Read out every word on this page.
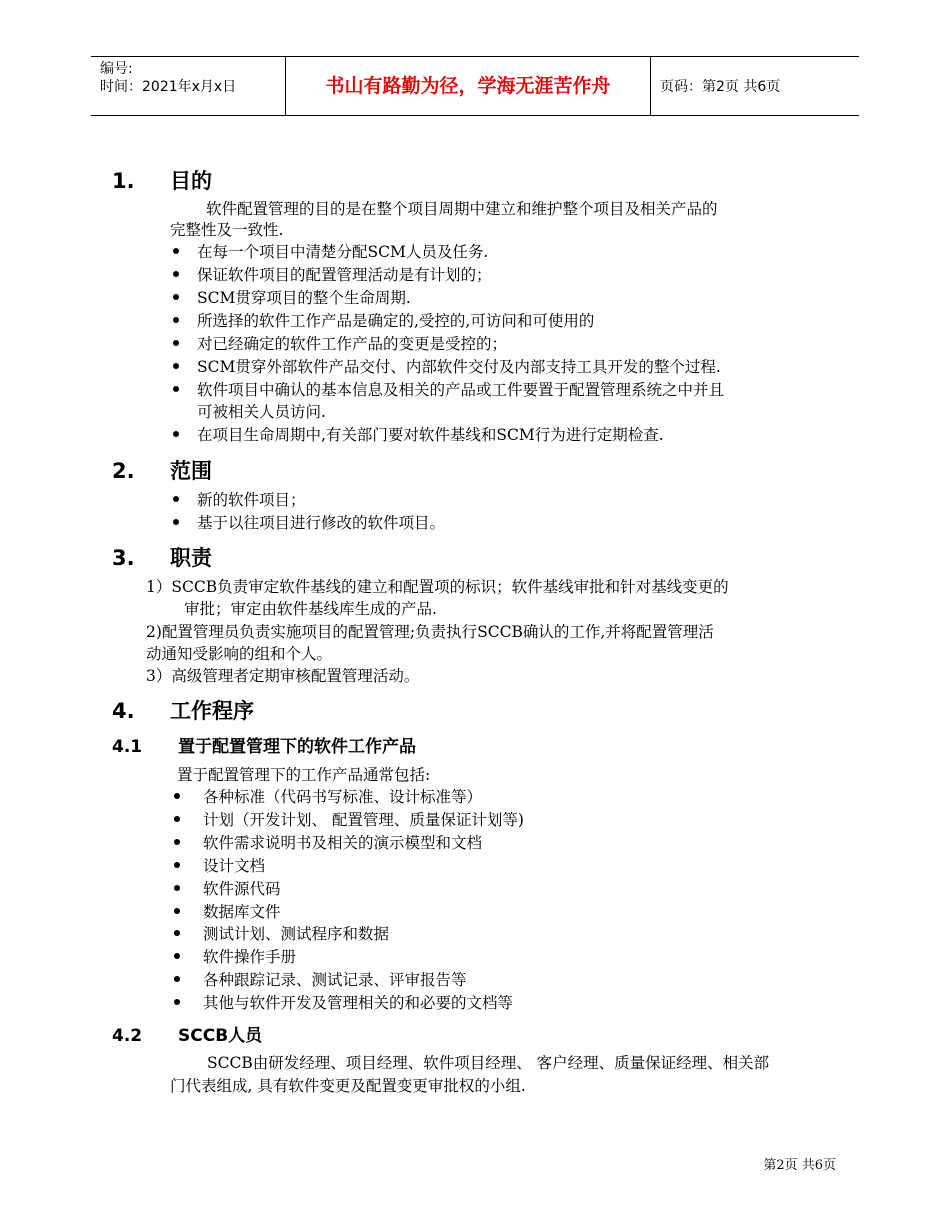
编号:
时间：2021年x月x日	书山有路勤为径，学海无涯苦作舟	页码：第2页 共6页
1. 目的
软件配置管理的目的是在整个项目周期中建立和维护整个项目及相关产品的
完整性及一致性.
在每一个项目中清楚分配SCM人员及任务.
保证软件项目的配置管理活动是有计划的；
SCM贯穿项目的整个生命周期.
所选择的软件工作产品是确定的,受控的,可访问和可使用的
对已经确定的软件工作产品的变更是受控的；
SCM贯穿外部软件产品交付、内部软件交付及内部支持工具开发的整个过程.
软件项目中确认的基本信息及相关的产品或工件要置于配置管理系统之中并且
可被相关人员访问.
在项目生命周期中,有关部门要对软件基线和SCM行为进行定期检查.
2. 范围
新的软件项目；
基于以往项目进行修改的软件项目。
3. 职责
1）SCCB负责审定软件基线的建立和配置项的标识；软件基线审批和针对基线变更的
审批；审定由软件基线库生成的产品.
2)配置管理员负责实施项目的配置管理;负责执行SCCB确认的工作,并将配置管理活
动通知受影响的组和个人。
3）高级管理者定期审核配置管理活动。
4. 工作程序
4.1 置于配置管理下的软件工作产品
置于配置管理下的工作产品通常包括:
各种标准（代码书写标准、设计标准等）
计划（开发计划、 配置管理、质量保证计划等)
软件需求说明书及相关的演示模型和文档
设计文档
软件源代码
数据库文件
测试计划、测试程序和数据
软件操作手册
各种跟踪记录、测试记录、评审报告等
其他与软件开发及管理相关的和必要的文档等
4.2 SCCB人员
SCCB由研发经理、项目经理、软件项目经理、 客户经理、质量保证经理、相关部
门代表组成, 具有软件变更及配置变更审批权的小组.
第2页 共6页
